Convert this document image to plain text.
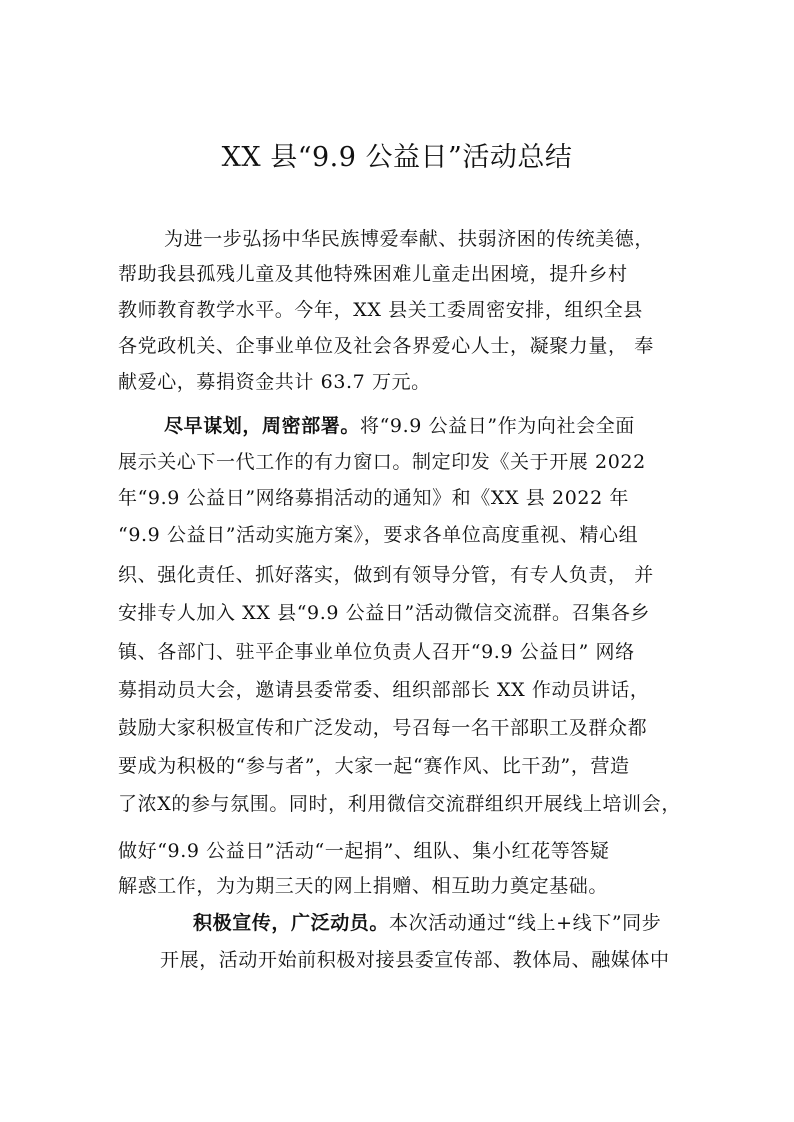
XX 县“9.9 公益日”活动总结
为进一步弘扬中华民族博爱奉献、扶弱济困的传统美德，
帮助我县孤残儿童及其他特殊困难儿童走出困境，提升乡村
教师教育教学水平。今年，XX 县关工委周密安排，组织全县
各党政机关、企事业单位及社会各界爱心人士，凝聚力量， 奉
献爱心，募捐资金共计 63.7 万元。
尽早谋划，周密部署。将“9.9 公益日”作为向社会全面
展示关心下一代工作的有力窗口。制定印发《关于开展 2022
年“9.9 公益日”网络募捐活动的通知》和《XX 县 2022 年
“9.9 公益日”活动实施方案》，要求各单位高度重视、精心组
织、强化责任、抓好落实，做到有领导分管，有专人负责， 并
安排专人加入 XX 县“9.9 公益日”活动微信交流群。召集各乡
镇、各部门、驻平企事业单位负责人召开“9.9 公益日” 网络
募捐动员大会，邀请县委常委、组织部部长 XX 作动员讲话，
鼓励大家积极宣传和广泛发动，号召每一名干部职工及群众都
要成为积极的“参与者”，大家一起“赛作风、比干劲”，营造
了浓X的参与氛围。同时，利用微信交流群组织开展线上培训会，
做好“9.9 公益日”活动“一起捐”、组队、集小红花等答疑
解惑工作，为为期三天的网上捐赠、相互助力奠定基础。
积极宣传，广泛动员。本次活动通过“线上+线下”同步
开展，活动开始前积极对接县委宣传部、教体局、融媒体中
